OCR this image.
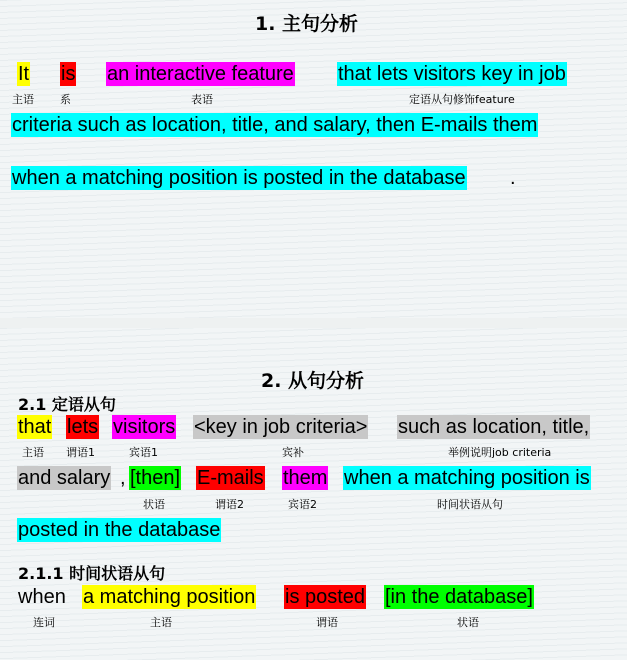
1. 主句分析
It is an interactive feature that lets visitors key in job
主语 系	表语	定语从句修饰feature
criteria such as location, title, and salary, then E-mails them
when a matching position is posted in the database .
2. 从句分析
2.1 定语从句
that lets visitors <key in job criteria> such as location, title,
主语 谓语1	宾语1	宾补	举例说明job criteria
and salary , [then] E-mails them when a matching position is
状语	谓语2	宾语2	时间状语从句
posted in the database
2.1.1 时间状语从句
when a matching position is posted [in the database]
连词	主语	谓语	状语
